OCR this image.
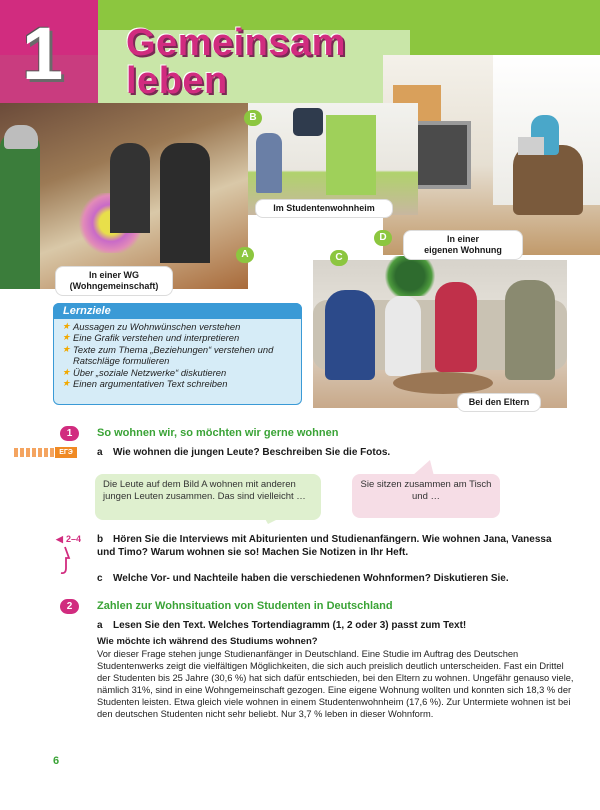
1 Gemeinsam
leben
B
Im Studentenwohnheim
A
In einer WG
(Wohngemeinschaft)
D	In einer
eigenen Wohnung
C
Bei den Eltern
Lernziele
★ Aussagen zu Wohnwünschen verstehen
★ Eine Grafik verstehen und interpretieren
★ Texte zum Thema „Beziehungen“ verstehen und Ratschläge formulieren
★ Über „soziale Netzwerke“ diskutieren
★ Einen argumentativen Text schreiben
1	So wohnen wir, so möchten wir gerne wohnen
ЕГЭ	a Wie wohnen die jungen Leute? Beschreiben Sie die Fotos.
Die Leute auf dem Bild A wohnen mit anderen jungen Leuten zusammen. Das sind vielleicht …
Sie sitzen zusammen am Tisch und …
◀ 2–4 b Hören Sie die Interviews mit Abiturienten und Studienanfängern. Wie wohnen Jana, Vanessa und Timo? Warum wohnen sie so! Machen Sie Notizen in Ihr Heft.
c Welche Vor- und Nachteile haben die verschiedenen Wohnformen? Diskutieren Sie.
2	Zahlen zur Wohnsituation von Studenten in Deutschland
a Lesen Sie den Text. Welches Tortendiagramm (1, 2 oder 3) passt zum Text!
Wie möchte ich während des Studiums wohnen?

Vor dieser Frage stehen junge Studienanfänger in Deutschland. Eine Studie im Auftrag des Deutschen Studentenwerks zeigt die vielfältigen Möglichkeiten, die sich auch preislich deutlich unterscheiden. Fast ein Drittel der Studenten bis 25 Jahre (30,6 %) hat sich dafür entschieden, bei den Eltern zu wohnen. Ungefähr genauso viele, nämlich 31%, sind in eine Wohngemeinschaft gezogen. Eine eigene Wohnung wollten und konnten sich 18,3 % der Studenten leisten. Etwa gleich viele wohnen in einem Studentenwohnheim (17,6 %). Zur Untermiete wohnen ist bei den deutschen Studenten nicht sehr beliebt. Nur 3,7 % leben in dieser Wohnform.

6
